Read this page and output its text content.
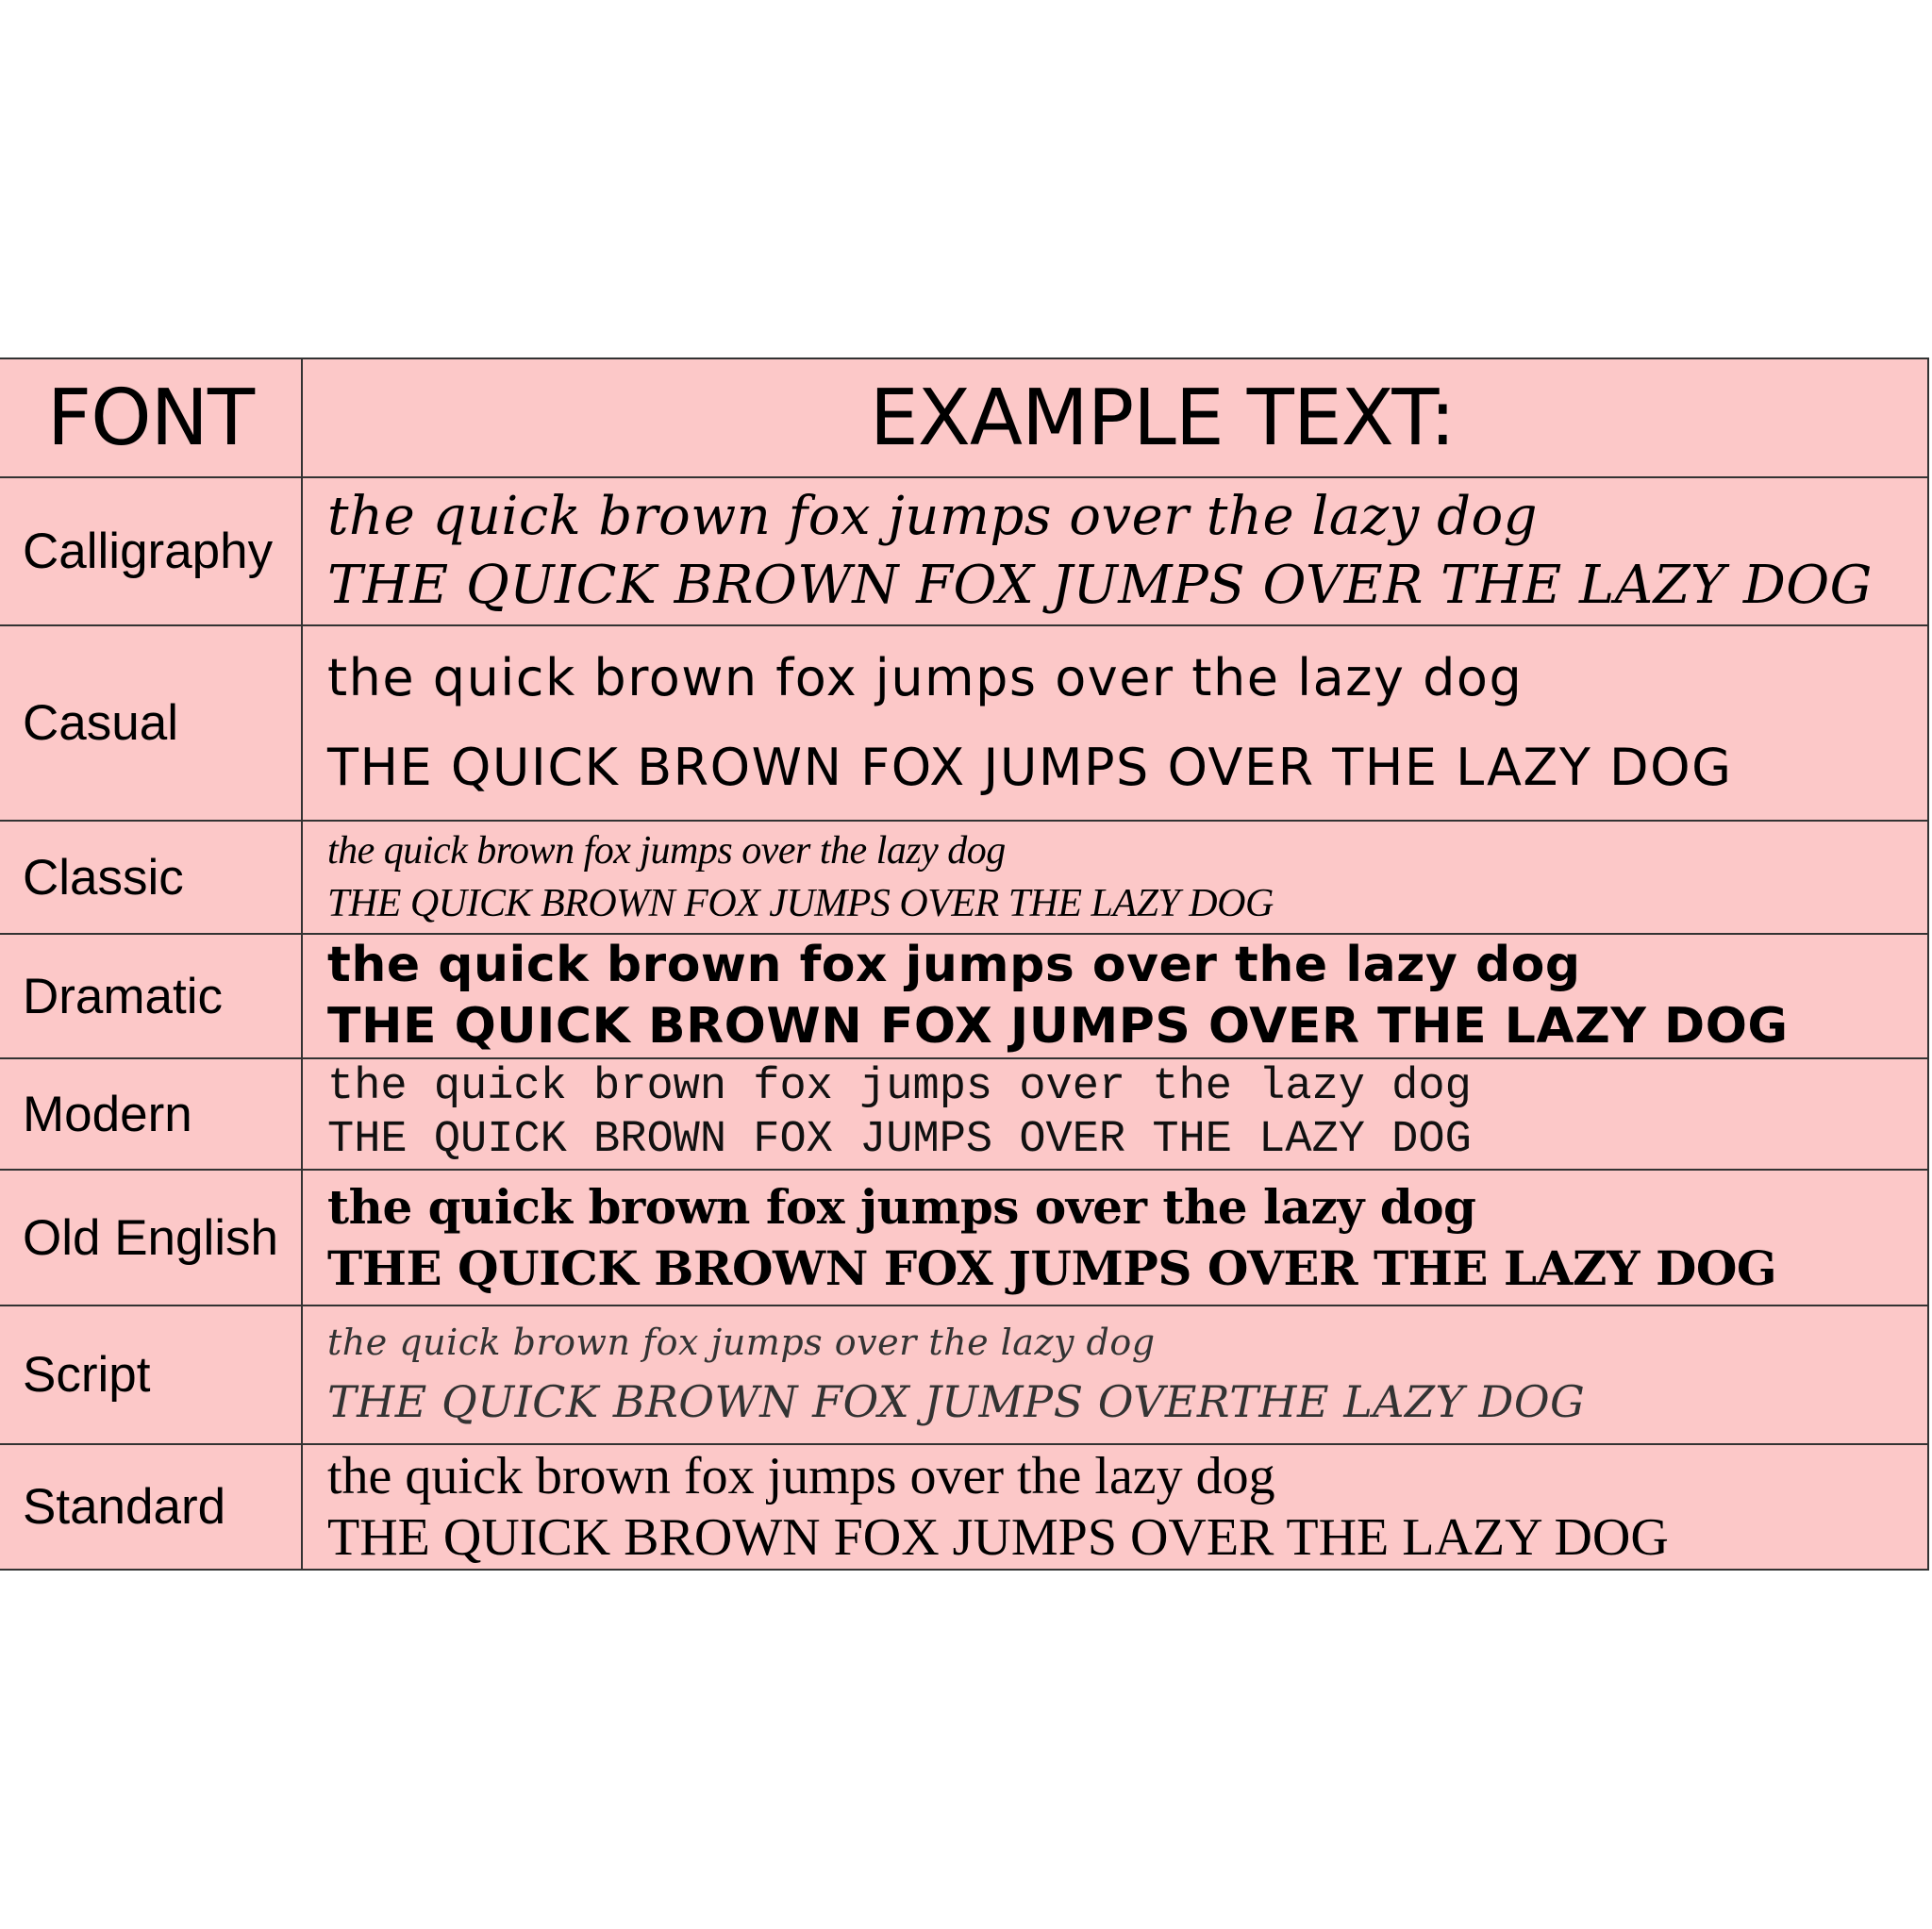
FONT	EXAMPLE TEXT:
Calligraphy	the quick brown fox jumps over the lazy dog
THE QUICK BROWN FOX JUMPS OVER THE LAZY DOG

Casual	the quick brown fox jumps over the lazy dog
THE QUICK BROWN FOX JUMPS OVER THE LAZY DOG

Classic	the quick brown fox jumps over the lazy dog
THE QUICK BROWN FOX JUMPS OVER THE LAZY DOG

Dramatic	the quick brown fox jumps over the lazy dog
THE QUICK BROWN FOX JUMPS OVER THE LAZY DOG

Modern	the quick brown fox jumps over the lazy dog
THE QUICK BROWN FOX JUMPS OVER THE LAZY DOG

Old English	the quick brown fox jumps over the lazy dog
THE QUICK BROWN FOX JUMPS OVER THE LAZY DOG

Script	the quick brown fox jumps over the lazy dog
THE QUICK BROWN FOX JUMPS OVERTHE LAZY DOG

Standard	the quick brown fox jumps over the lazy dog
THE QUICK BROWN FOX JUMPS OVER THE LAZY DOG
